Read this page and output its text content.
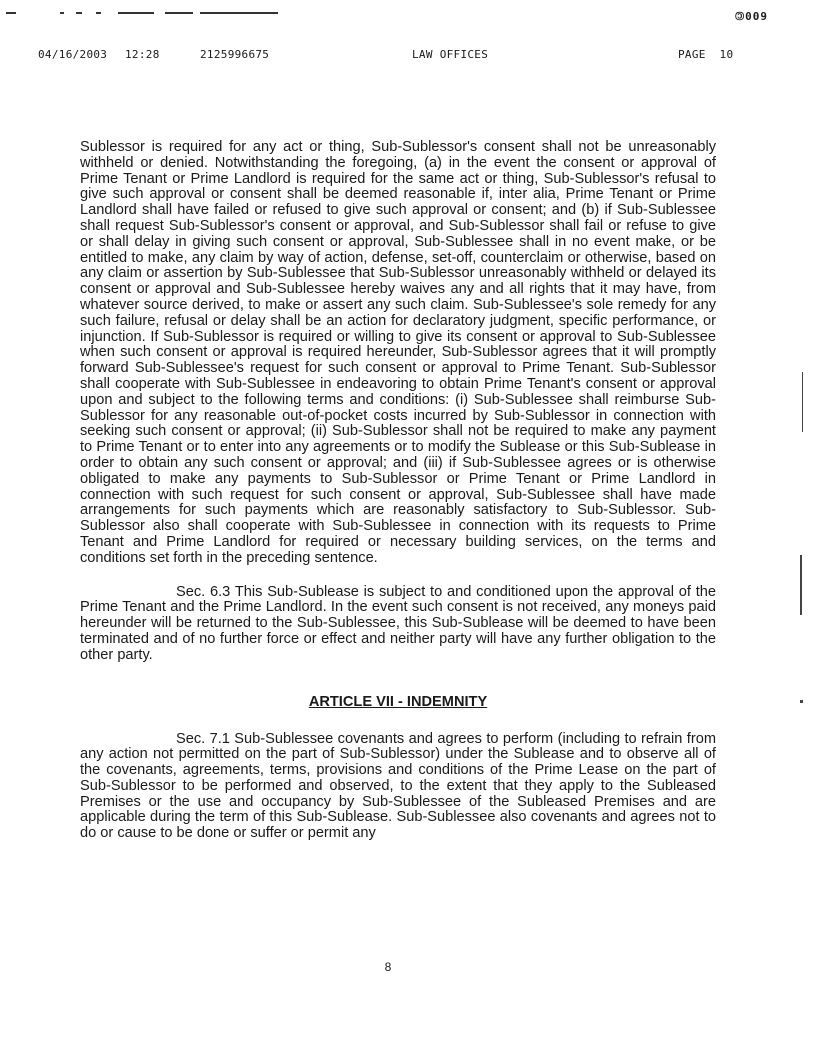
🄯009
04/16/2003 12:28	2125996675	LAW OFFICES	PAGE  10

Sublessor is required for any act or thing, Sub-Sublessor's consent shall not be unreasonably withheld or denied. Notwithstanding the foregoing, (a) in the event the consent or approval of Prime Tenant or Prime Landlord is required for the same act or thing, Sub-Sublessor's refusal to give such approval or consent shall be deemed reasonable if, inter alia, Prime Tenant or Prime Landlord shall have failed or refused to give such approval or consent; and (b) if Sub-Sublessee shall request Sub-Sublessor's consent or approval, and Sub-Sublessor shall fail or refuse to give or shall delay in giving such consent or approval, Sub-Sublessee shall in no event make, or be entitled to make, any claim by way of action, defense, set-off, counterclaim or otherwise, based on any claim or assertion by Sub-Sublessee that Sub-Sublessor unreasonably withheld or delayed its consent or approval and Sub-Sublessee hereby waives any and all rights that it may have, from whatever source derived, to make or assert any such claim. Sub-Sublessee's sole remedy for any such failure, refusal or delay shall be an action for declaratory judgment, specific performance, or injunction. If Sub-Sublessor is required or willing to give its consent or approval to Sub-Sublessee when such consent or approval is required hereunder, Sub-Sublessor agrees that it will promptly forward Sub-Sublessee's request for such consent or approval to Prime Tenant. Sub-Sublessor shall cooperate with Sub-Sublessee in endeavoring to obtain Prime Tenant's consent or approval upon and subject to the following terms and conditions: (i) Sub-Sublessee shall reimburse Sub-Sublessor for any reasonable out-of-pocket costs incurred by Sub-Sublessor in connection with seeking such consent or approval; (ii) Sub-Sublessor shall not be required to make any payment to Prime Tenant or to enter into any agreements or to modify the Sublease or this Sub-Sublease in order to obtain any such consent or approval; and (iii) if Sub-Sublessee agrees or is otherwise obligated to make any payments to Sub-Sublessor or Prime Tenant or Prime Landlord in connection with such request for such consent or approval, Sub-Sublessee shall have made arrangements for such payments which are reasonably satisfactory to Sub-Sublessor. Sub-Sublessor also shall cooperate with Sub-Sublessee in connection with its requests to Prime Tenant and Prime Landlord for required or necessary building services, on the terms and conditions set forth in the preceding sentence.

Sec. 6.3 This Sub-Sublease is subject to and conditioned upon the approval of the Prime Tenant and the Prime Landlord. In the event such consent is not received, any moneys paid hereunder will be returned to the Sub-Sublessee, this Sub-Sublease will be deemed to have been terminated and of no further force or effect and neither party will have any further obligation to the other party.

ARTICLE VII - INDEMNITY

Sec. 7.1 Sub-Sublessee covenants and agrees to perform (including to refrain from any action not permitted on the part of Sub-Sublessor) under the Sublease and to observe all of the covenants, agreements, terms, provisions and conditions of the Prime Lease on the part of Sub-Sublessor to be performed and observed, to the extent that they apply to the Subleased Premises or the use and occupancy by Sub-Sublessee of the Subleased Premises and are applicable during the term of this Sub-Sublease. Sub-Sublessee also covenants and agrees not to do or cause to be done or suffer or permit any

8
